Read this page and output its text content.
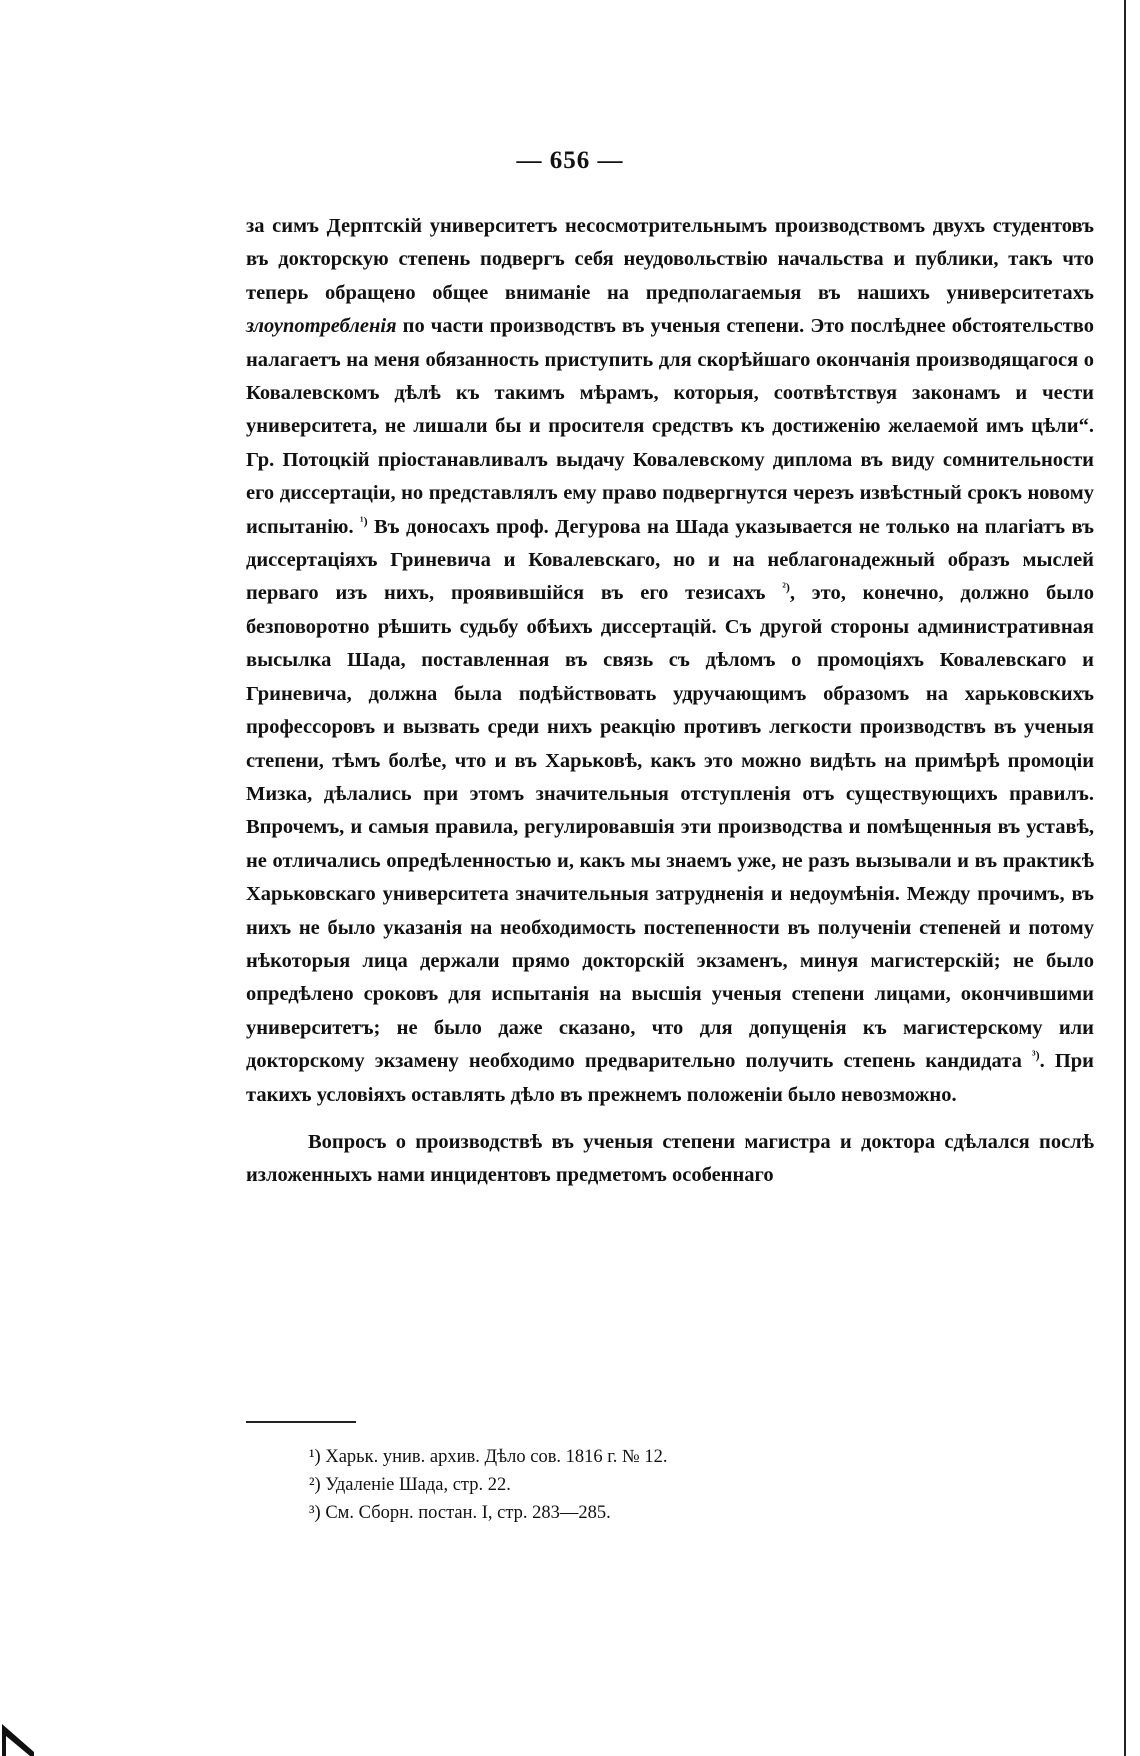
— 656 —

за симъ Дерптскій университетъ несосмотрительнымъ производствомъ двухъ студентовъ въ докторскую степень подвергъ себя неудовольствію начальства и публики, такъ что теперь обращено общее вниманіе на предполагаемыя въ нашихъ университетахъ злоупотребленія по части производствъ въ ученыя степени. Это послѣднее обстоятельство налагаетъ на меня обязанность приступить для скорѣйшаго окончанія производящагося о Ковалевскомъ дѣлѣ къ такимъ мѣрамъ, которыя, соотвѣтствуя законамъ и чести университета, не лишали бы и просителя средствъ къ достиженію желаемой имъ цѣли“. Гр. Потоцкій пріостанавливалъ выдачу Ковалевскому диплома въ виду сомнительности его диссертаціи, но представлялъ ему право подвергнутся черезъ извѣстный срокъ новому испытанію. $^{^1)}$ Въ доносахъ проф. Дегурова на Шада указывается не только на плагіатъ въ диссертаціяхъ Гриневича и Ковалевскаго, но и на неблагонадежный образъ мыслей перваго изъ нихъ, проявившійся въ его тезисахъ $^{^2)}$, это, конечно, должно было безповоротно рѣшить судьбу обѣихъ диссертацій. Съ другой стороны административная высылка Шада, поставленная въ связь съ дѣломъ о промоціяхъ Ковалевскаго и Гриневича, должна была подѣйствовать удручающимъ образомъ на харьковскихъ профессоровъ и вызвать среди нихъ реакцію противъ легкости производствъ въ ученыя степени, тѣмъ болѣе, что и въ Харьковѣ, какъ это можно видѣть на примѣрѣ промоціи Мизка, дѣлались при этомъ значительныя отступленія отъ существующихъ правилъ. Впрочемъ, и самыя правила, регулировавшія эти производства и помѣщенныя въ уставѣ, не отличались опредѣленностью и, какъ мы знаемъ уже, не разъ вызывали и въ практикѣ Харьковскаго университета значительныя затрудненія и недоумѣнія. Между прочимъ, въ нихъ не было указанія на необходимость постепенности въ полученіи степеней и потому нѣкоторыя лица держали прямо докторскій экзаменъ, минуя магистерскій; не было опредѣлено сроковъ для испытанія на высшія ученыя степени лицами, окончившими университетъ; не было даже сказано, что для допущенія къ магистерскому или докторскому экзамену необходимо предварительно получить степень кандидата $^{^3)}$. При такихъ условіяхъ оставлять дѣло въ прежнемъ положеніи было невозможно.

Вопросъ о производствѣ въ ученыя степени магистра и доктора сдѣлался послѣ изложенныхъ нами инцидентовъ предметомъ особеннаго

¹) Харьк. унив. архив. Дѣло сов. 1816 г. № 12.

²) Удаленіе Шада, стр. 22.

³) См. Сборн. постан. I, стр. 283—285.
